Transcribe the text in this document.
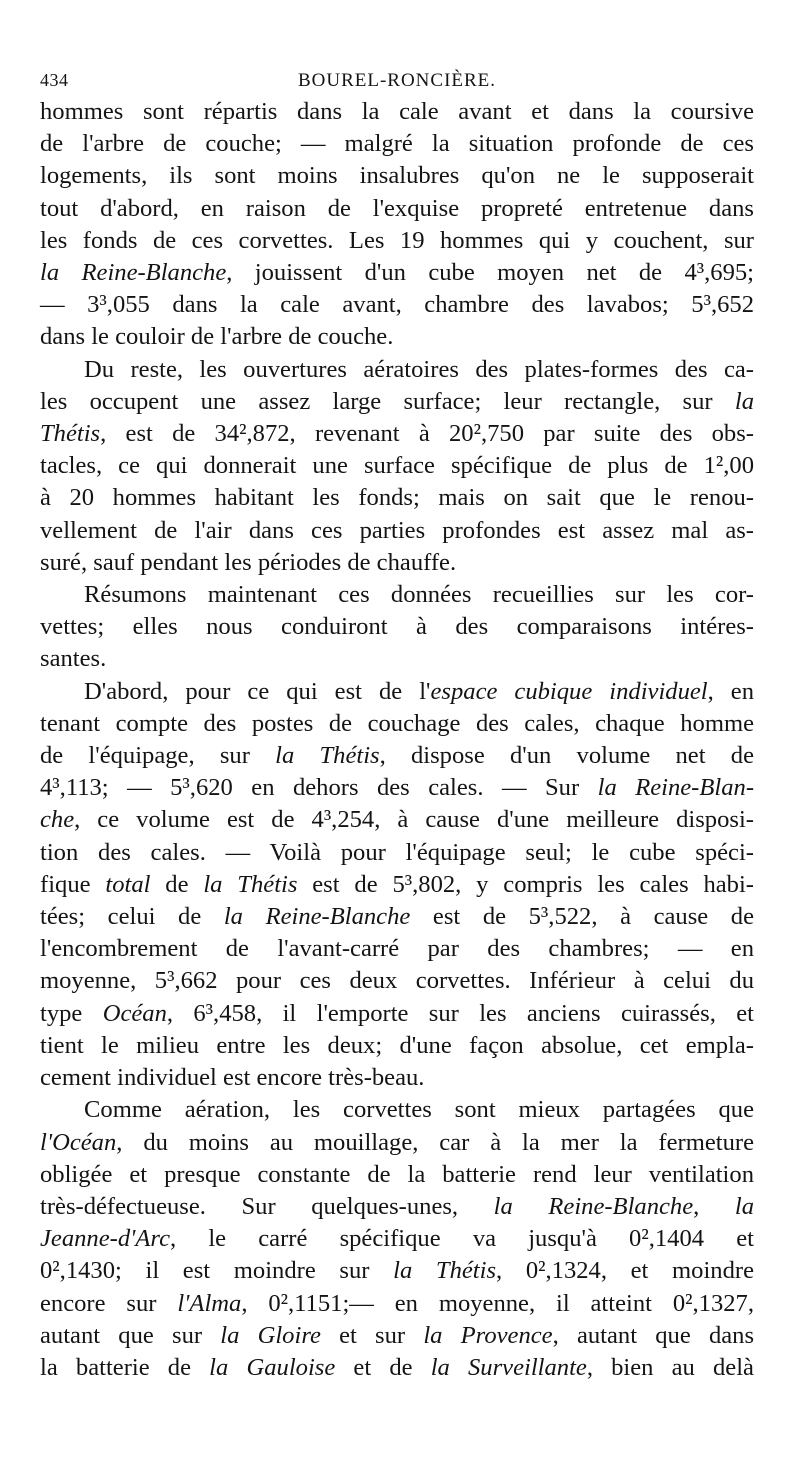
434	BOUREL-RONCIÈRE.
hommes sont répartis dans la cale avant et dans la coursive
de l'arbre de couche; — malgré la situation profonde de ces
logements, ils sont moins insalubres qu'on ne le supposerait
tout d'abord, en raison de l'exquise propreté entretenue dans
les fonds de ces corvettes. Les 19 hommes qui y couchent, sur
la Reine-Blanche, jouissent d'un cube moyen net de 4³,695;
— 3³,055 dans la cale avant, chambre des lavabos; 5³,652
dans le couloir de l'arbre de couche.
Du reste, les ouvertures aératoires des plates-formes des ca-
les occupent une assez large surface; leur rectangle, sur la
Thétis, est de 34²,872, revenant à 20²,750 par suite des obs-
tacles, ce qui donnerait une surface spécifique de plus de 1²,00
à 20 hommes habitant les fonds; mais on sait que le renou-
vellement de l'air dans ces parties profondes est assez mal as-
suré, sauf pendant les périodes de chauffe.
Résumons maintenant ces données recueillies sur les cor-
vettes; elles nous conduiront à des comparaisons intéres-
santes.
D'abord, pour ce qui est de l'espace cubique individuel, en
tenant compte des postes de couchage des cales, chaque homme
de l'équipage, sur la Thétis, dispose d'un volume net de
4³,113; — 5³,620 en dehors des cales. — Sur la Reine-Blan-
che, ce volume est de 4³,254, à cause d'une meilleure disposi-
tion des cales. — Voilà pour l'équipage seul; le cube spéci-
fique total de la Thétis est de 5³,802, y compris les cales habi-
tées; celui de la Reine-Blanche est de 5³,522, à cause de
l'encombrement de l'avant-carré par des chambres; — en
moyenne, 5³,662 pour ces deux corvettes. Inférieur à celui du
type Océan, 6³,458, il l'emporte sur les anciens cuirassés, et
tient le milieu entre les deux; d'une façon absolue, cet empla-
cement individuel est encore très-beau.
Comme aération, les corvettes sont mieux partagées que
l'Océan, du moins au mouillage, car à la mer la fermeture
obligée et presque constante de la batterie rend leur ventilation
très-défectueuse. Sur quelques-unes, la Reine-Blanche, la
Jeanne-d'Arc, le carré spécifique va jusqu'à 0²,1404 et
0²,1430; il est moindre sur la Thétis, 0²,1324, et moindre
encore sur l'Alma, 0²,1151;— en moyenne, il atteint 0²,1327,
autant que sur la Gloire et sur la Provence, autant que dans
la batterie de la Gauloise et de la Surveillante, bien au delà
